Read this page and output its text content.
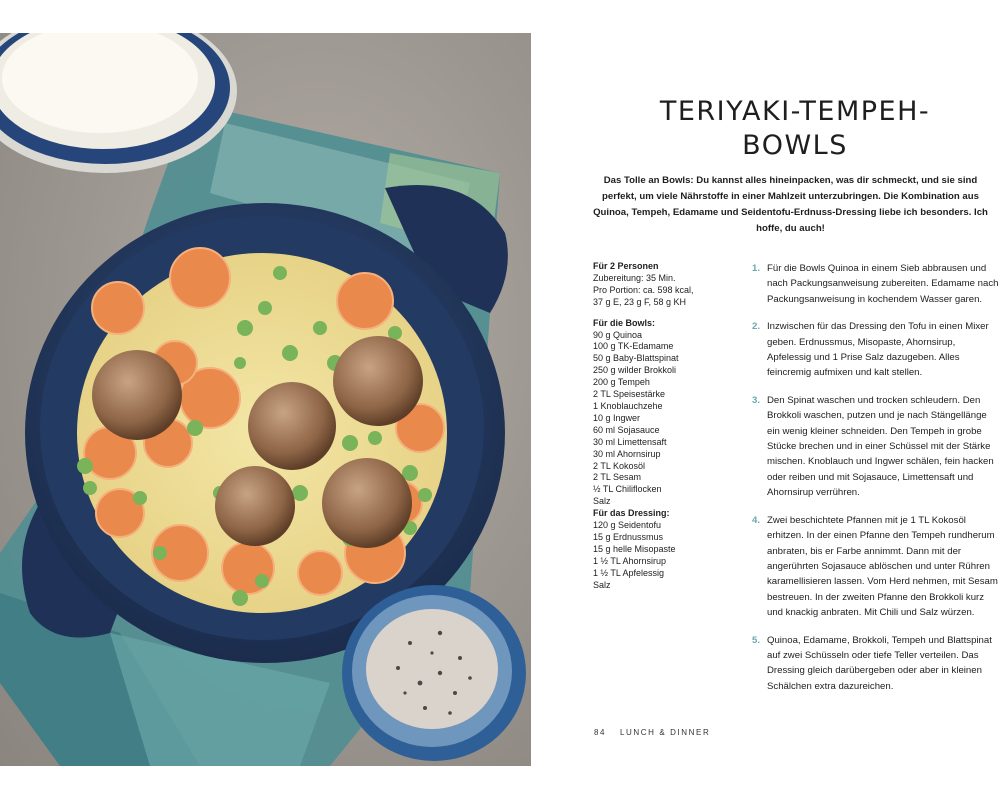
TERIYAKI-TEMPEH-
BOWLS

Das Tolle an Bowls: Du kannst alles hineinpacken, was dir schmeckt, und sie sind perfekt, um viele Nährstoffe in einer Mahlzeit unterzubringen. Die Kombination aus Quinoa, Tempeh, Edamame und Seidentofu-Erdnuss-Dressing liebe ich besonders. Ich hoffe, du auch!

Für 2 Personen
Zubereitung: 35 Min.
Pro Portion: ca. 598 kcal,
37 g E, 23 g F, 58 g KH
Für die Bowls:
90 g Quinoa
100 g TK-Edamame
50 g Baby-Blattspinat
250 g wilder Brokkoli
200 g Tempeh
2 TL Speisestärke
1 Knoblauchzehe
10 g Ingwer
60 ml Sojasauce
30 ml Limettensaft
30 ml Ahornsirup
2 TL Kokosöl
2 TL Sesam
½ TL Chiliflocken
Salz
Für das Dressing:
120 g Seidentofu
15 g Erdnussmus
15 g helle Misopaste
1 ½ TL Ahornsirup
1 ½ TL Apfelessig
Salz
1. Für die Bowls Quinoa in einem Sieb abbrausen und nach Packungsanweisung zubereiten. Edamame nach Packungsanweisung in kochendem Wasser garen.
2. Inzwischen für das Dressing den Tofu in einen Mixer geben. Erdnussmus, Misopaste, Ahornsirup, Apfelessig und 1 Prise Salz dazugeben. Alles feincremig aufmixen und kalt stellen.
3. Den Spinat waschen und trocken schleudern. Den Brokkoli waschen, putzen und je nach Stängellänge ein wenig kleiner schneiden. Den Tempeh in grobe Stücke brechen und in einer Schüssel mit der Stärke mischen. Knoblauch und Ingwer schälen, fein hacken oder reiben und mit Sojasauce, Limettensaft und Ahornsirup verrühren.
4. Zwei beschichtete Pfannen mit je 1 TL Kokosöl erhitzen. In der einen Pfanne den Tempeh rundherum anbraten, bis er Farbe annimmt. Dann mit der angerührten Sojasauce ablöschen und unter Rühren karamellisieren lassen. Vom Herd nehmen, mit Sesam bestreuen. In der zweiten Pfanne den Brokkoli kurz und knackig anbraten. Mit Chili und Salz würzen.
5. Quinoa, Edamame, Brokkoli, Tempeh und Blattspinat auf zwei Schüsseln oder tiefe Teller verteilen. Das Dressing gleich darübergeben oder aber in kleinen Schälchen extra dazureichen.
84 LUNCH & DINNER
